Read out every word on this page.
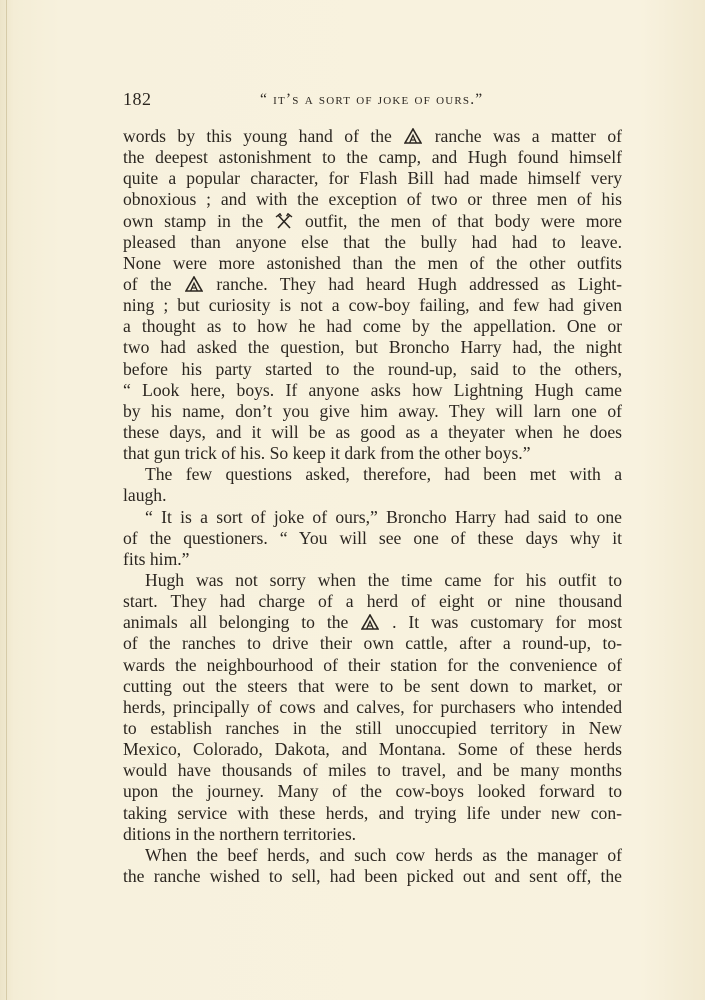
182	“ it’s a sort of joke of ours.”
words by this young hand of the
ranche was a matter of
the deepest astonishment to the camp, and Hugh found himself
quite a popular character, for Flash Bill had made himself very
obnoxious ; and with the exception of two or three men of his
own stamp in the
outfit, the men of that body were more
pleased than anyone else that the bully had had to leave.
None were more astonished than the men of the other outfits
of the
ranche. They had heard Hugh addressed as Light-
ning ; but curiosity is not a cow-boy failing, and few had given
a thought as to how he had come by the appellation. One or
two had asked the question, but Broncho Harry had, the night
before his party started to the round-up, said to the others,
“ Look here, boys. If anyone asks how Lightning Hugh came
by his name, don’t you give him away. They will larn one of
these days, and it will be as good as a theyater when he does
that gun trick of his. So keep it dark from the other boys.”
The few questions asked, therefore, had been met with a
laugh.
“ It is a sort of joke of ours,” Broncho Harry had said to one
of the questioners. “ You will see one of these days why it
fits him.”
Hugh was not sorry when the time came for his outfit to
start. They had charge of a herd of eight or nine thousand
animals all belonging to the
. It was customary for most
of the ranches to drive their own cattle, after a round-up, to-
wards the neighbourhood of their station for the convenience of
cutting out the steers that were to be sent down to market, or
herds, principally of cows and calves, for purchasers who intended
to establish ranches in the still unoccupied territory in New
Mexico, Colorado, Dakota, and Montana. Some of these herds
would have thousands of miles to travel, and be many months
upon the journey. Many of the cow-boys looked forward to
taking service with these herds, and trying life under new con-
ditions in the northern territories.
When the beef herds, and such cow herds as the manager of
the ranche wished to sell, had been picked out and sent off, the
